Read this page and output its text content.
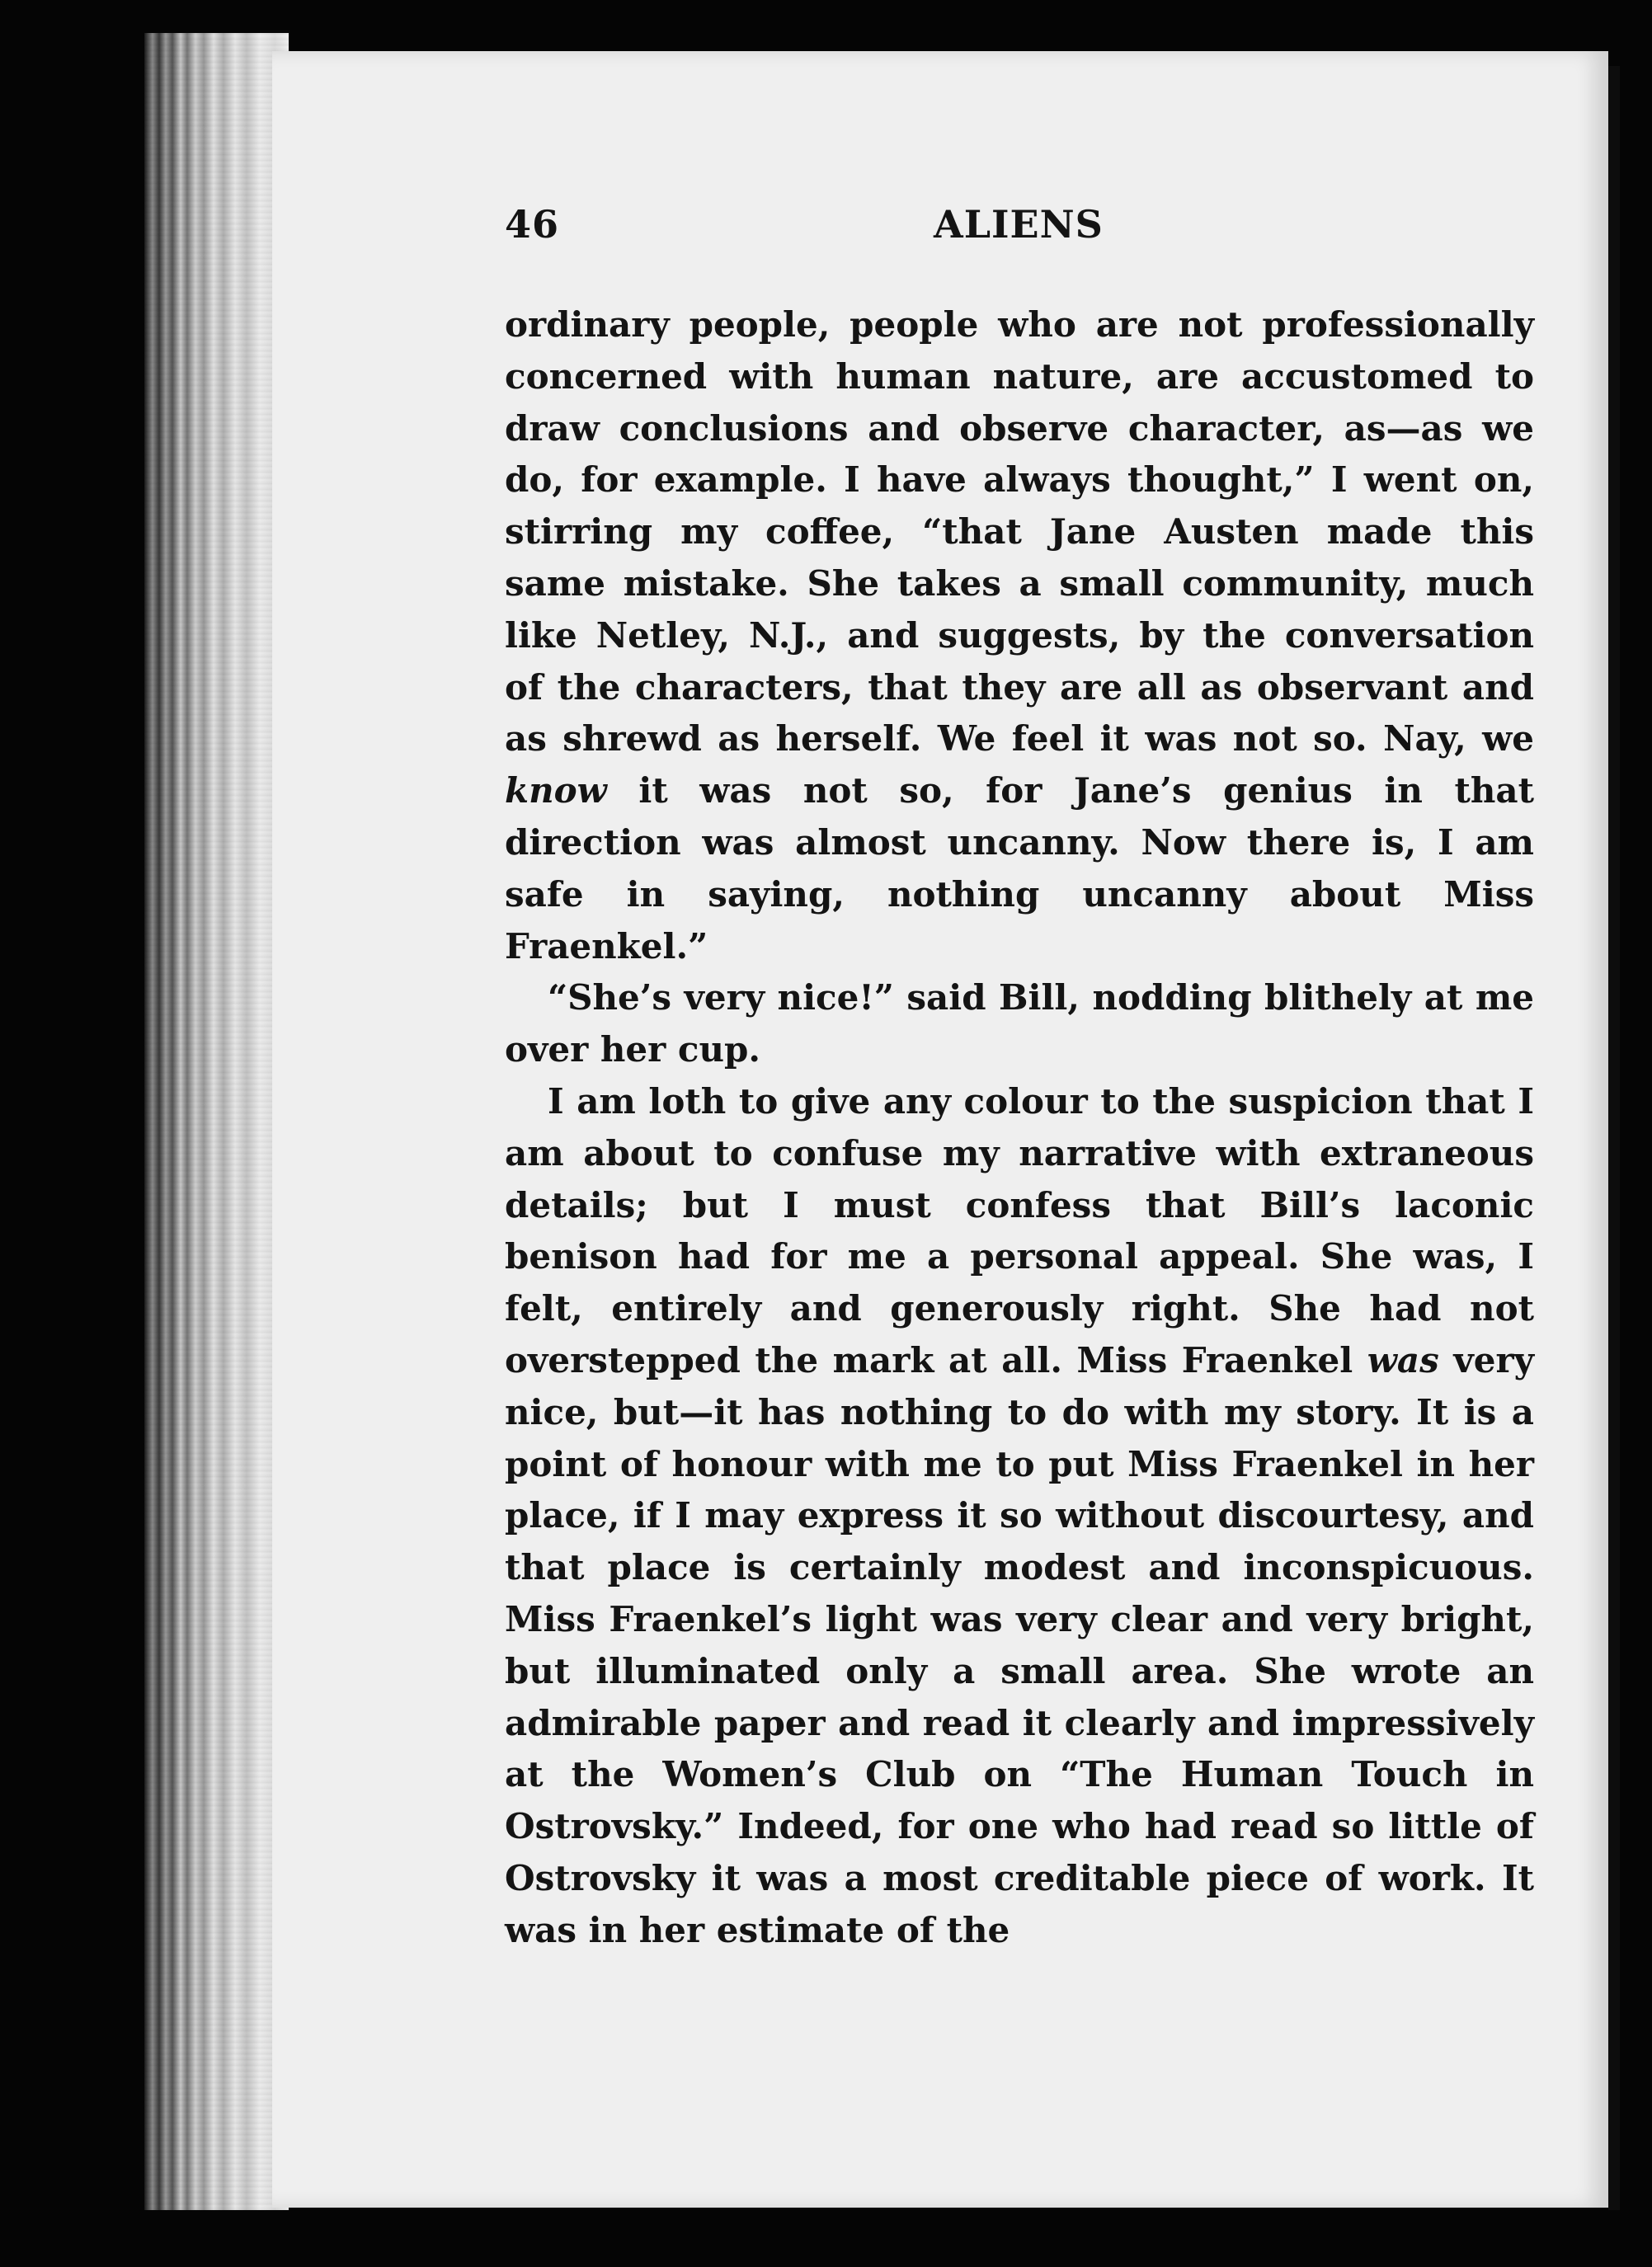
46	ALIENS

ordinary people, people who are not professionally concerned with human nature, are accustomed to draw conclusions and observe character, as—as we do, for example. I have always thought,” I went on, stirring my coffee, “that Jane Austen made this same mistake. She takes a small community, much like Netley, N.J., and suggests, by the conversation of the characters, that they are all as observant and as shrewd as herself. We feel it was not so. Nay, we know it was not so, for Jane’s genius in that direction was almost uncanny. Now there is, I am safe in saying, nothing uncanny about Miss Fraenkel.”

“She’s very nice!” said Bill, nodding blithely at me over her cup.

I am loth to give any colour to the suspicion that I am about to confuse my narrative with extraneous details; but I must confess that Bill’s laconic benison had for me a personal appeal. She was, I felt, entirely and generously right. She had not overstepped the mark at all. Miss Fraenkel was very nice, but—it has nothing to do with my story. It is a point of honour with me to put Miss Fraenkel in her place, if I may express it so without discourtesy, and that place is certainly modest and inconspicuous. Miss Fraenkel’s light was very clear and very bright, but illuminated only a small area. She wrote an admirable paper and read it clearly and impressively at the Women’s Club on “The Human Touch in Ostrovsky.” Indeed, for one who had read so little of Ostrovsky it was a most creditable piece of work. It was in her estimate of the
